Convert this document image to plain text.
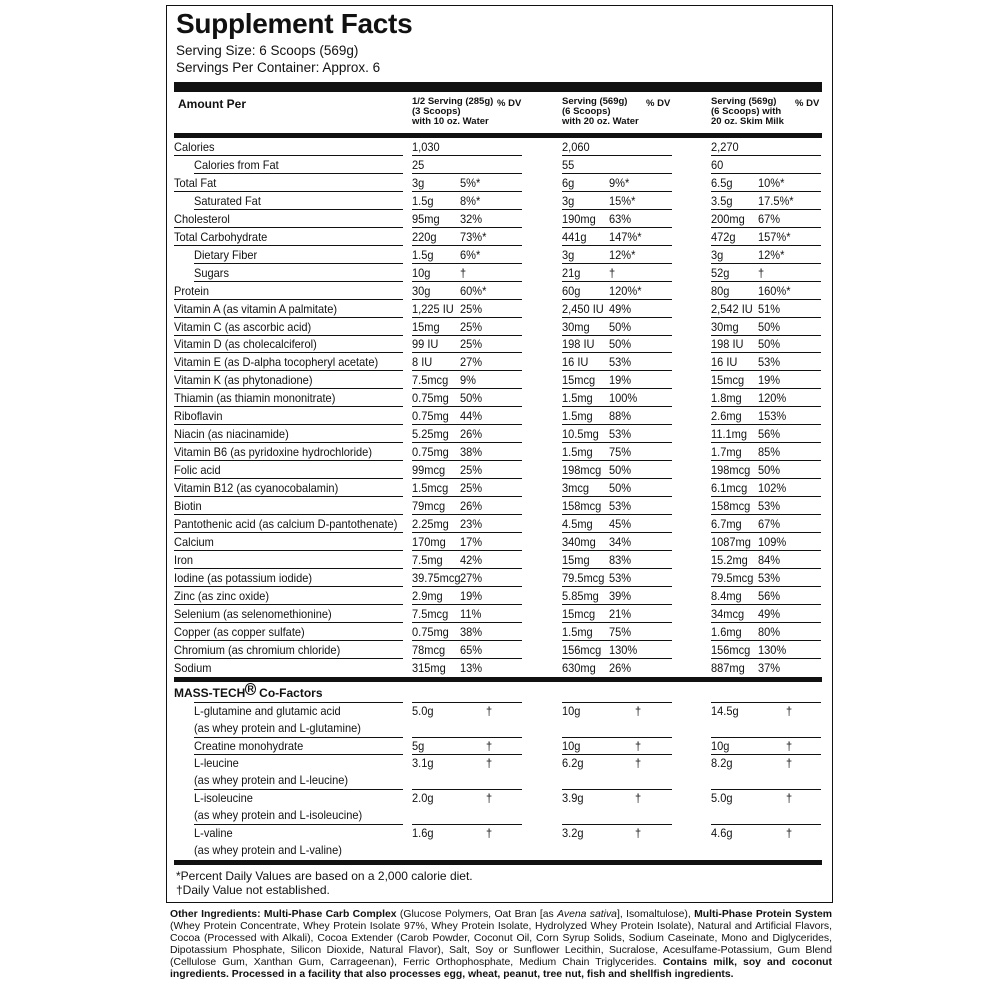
Supplement Facts
Serving Size: 6 Scoops (569g)
Servings Per Container: Approx. 6
Amount Per	1/2 Serving (285g)
(3 Scoops)
with 10 oz. Water
% DV	Serving (569g)
(6 Scoops)
with 20 oz. Water
% DV	Serving (569g)
(6 Scoops) with
20 oz. Skim Milk
% DV
Calories	1,030	2,060	2,270
Calories from Fat	25	55	60
Total Fat	3g	5%*	6g	9%*	6.5g 10%*
Saturated Fat	1.5g 8%*	3g	15%*	3.5g 17.5%*
Cholesterol	95mg 32%	190mg 63%	200mg 67%
Total Carbohydrate	220g 73%*	441g 147%*	472g 157%*
Dietary Fiber	1.5g 6%*	3g	12%*	3g	12%*
Sugars	10g †	21g †	52g †
Protein	30g 60%*	60g 120%*	80g 160%*
Vitamin A (as vitamin A palmitate)	1,225 IU 25%	2,450 IU 49%	2,542 IU 51%
Vitamin C (as ascorbic acid)	15mg 25%	30mg 50%	30mg 50%
Vitamin D (as cholecalciferol)	99 IU 25%	198 IU 50%	198 IU 50%
Vitamin E (as D-alpha tocopheryl acetate)	8 IU 27%	16 IU 53%	16 IU 53%
Vitamin K (as phytonadione)	7.5mcg 9%	15mcg 19%	15mcg 19%
Thiamin (as thiamin mononitrate)	0.75mg 50%	1.5mg 100%	1.8mg 120%
Riboflavin	0.75mg 44%	1.5mg 88%	2.6mg 153%
Niacin (as niacinamide)	5.25mg 26%	10.5mg 53%	11.1mg 56%
Vitamin B6 (as pyridoxine hydrochloride)	0.75mg 38%	1.5mg 75%	1.7mg 85%
Folic acid	99mcg 25%	198mcg 50%	198mcg 50%
Vitamin B12 (as cyanocobalamin)	1.5mcg 25%	3mcg 50%	6.1mcg 102%
Biotin	79mcg 26%	158mcg 53%	158mcg 53%
Pantothenic acid (as calcium D-pantothenate) 2.25mg 23%	4.5mg 45%	6.7mg 67%
Calcium	170mg 17%	340mg 34%	1087mg 109%
Iron	7.5mg 42%	15mg 83%	15.2mg 84%
Iodine (as potassium iodide)	39.75mcg 27%	79.5mcg 53%	79.5mcg 53%
Zinc (as zinc oxide)	2.9mg 19%	5.85mg 39%	8.4mg 56%
Selenium (as selenomethionine)	7.5mcg 11%	15mcg 21%	34mcg 49%
Copper (as copper sulfate)	0.75mg 38%	1.5mg 75%	1.6mg 80%
Chromium (as chromium chloride)	78mcg 65%	156mcg 130%	156mcg 130%
Sodium	315mg 13%	630mg 26%	887mg 37%
MASS-TECH $^R$ Co-Factors
L-glutamine and glutamic acid
(as whey protein and L-glutamine)
5.0g	†	10g	†	14.5g	†
Creatine monohydrate	5g	†	10g	†	10g	†
L-leucine
(as whey protein and L-leucine)
3.1g	†	6.2g	†	8.2g	†
L-isoleucine
(as whey protein and L-isoleucine)
2.0g	†	3.9g	†	5.0g	†
L-valine
(as whey protein and L-valine)
1.6g	†	3.2g	†	4.6g	†
*Percent Daily Values are based on a 2,000 calorie diet.
†Daily Value not established.
Other Ingredients: Multi-Phase Carb Complex (Glucose Polymers, Oat Bran [as Avena sativa], Isomaltulose), Multi-Phase Protein System (Whey Protein Concentrate, Whey Protein Isolate 97%, Whey Protein Isolate, Hydrolyzed Whey Protein Isolate), Natural and Artificial Flavors, Cocoa (Processed with Alkali), Cocoa Extender (Carob Powder, Coconut Oil, Corn Syrup Solids, Sodium Caseinate, Mono and Diglycerides, Dipotassium Phosphate, Silicon Dioxide, Natural Flavor), Salt, Soy or Sunflower Lecithin, Sucralose, Acesulfame-Potassium, Gum Blend (Cellulose Gum, Xanthan Gum, Carrageenan), Ferric Orthophosphate, Medium Chain Triglycerides. Contains milk, soy and coconut ingredients. Processed in a facility that also processes egg, wheat, peanut, tree nut, fish and shellfish ingredients.
